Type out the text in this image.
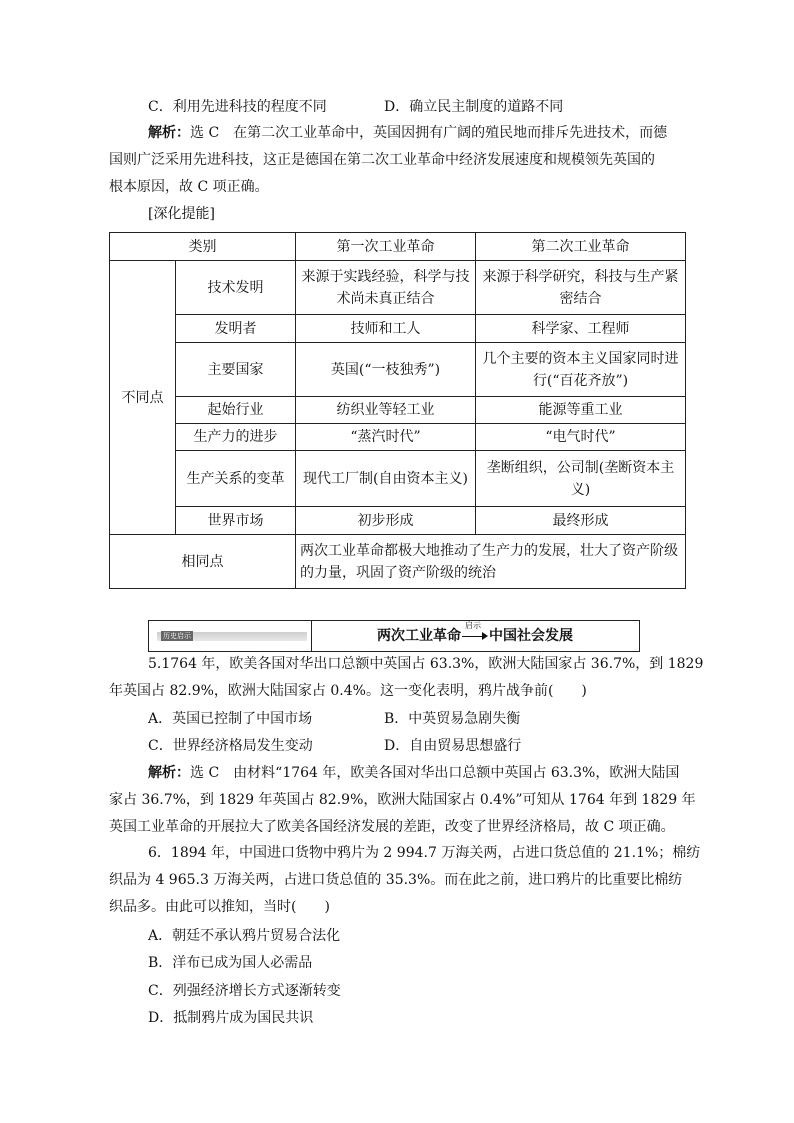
C．利用先进科技的程度不同	D．确立民主制度的道路不同
解析：选 C　在第二次工业革命中，英国因拥有广阔的殖民地而排斥先进技术，而德
国则广泛采用先进科技，这正是德国在第二次工业革命中经济发展速度和规模领先英国的
根本原因，故 C 项正确。
[深化提能]
类别		第一次工业革命	第二次工业革命
不同点	技术发明	来源于实践经验，科学与技术尚未真正结合	来源于科学研究，科技与生产紧密结合
	发明者	技师和工人	科学家、工程师
	主要国家	英国(“一枝独秀”)	几个主要的资本主义国家同时进行(“百花齐放”)
	起始行业	纺织业等轻工业	能源等重工业
	生产力的进步	“蒸汽时代”	“电气时代”
	生产关系的变革	现代工厂制(自由资本主义)	垄断组织，公司制(垄断资本主义)
	世界市场	初步形成	最终形成
相同点		两次工业革命都极大地推动了生产力的发展，壮大了资产阶级的力量，巩固了资产阶级的统治	
历史启示	两次工业革命
启示
中国社会发展
5.1764 年，欧美各国对华出口总额中英国占 63.3%，欧洲大陆国家占 36.7%，到 1829
年英国占 82.9%，欧洲大陆国家占 0.4%。这一变化表明，鸦片战争前(　　)
A．英国已控制了中国市场	B．中英贸易急剧失衡
C．世界经济格局发生变动	D．自由贸易思想盛行
解析：选 C　由材料“1764 年，欧美各国对华出口总额中英国占 63.3%，欧洲大陆国
家占 36.7%，到 1829 年英国占 82.9%，欧洲大陆国家占 0.4%”可知从 1764 年到 1829 年
英国工业革命的开展拉大了欧美各国经济发展的差距，改变了世界经济格局，故 C 项正确。
6．1894 年，中国进口货物中鸦片为 2 994.7 万海关两，占进口货总值的 21.1%；棉纺
织品为 4 965.3 万海关两，占进口货总值的 35.3%。而在此之前，进口鸦片的比重要比棉纺
织品多。由此可以推知，当时(　　)
A．朝廷不承认鸦片贸易合法化
B．洋布已成为国人必需品
C．列强经济增长方式逐渐转变
D．抵制鸦片成为国民共识
